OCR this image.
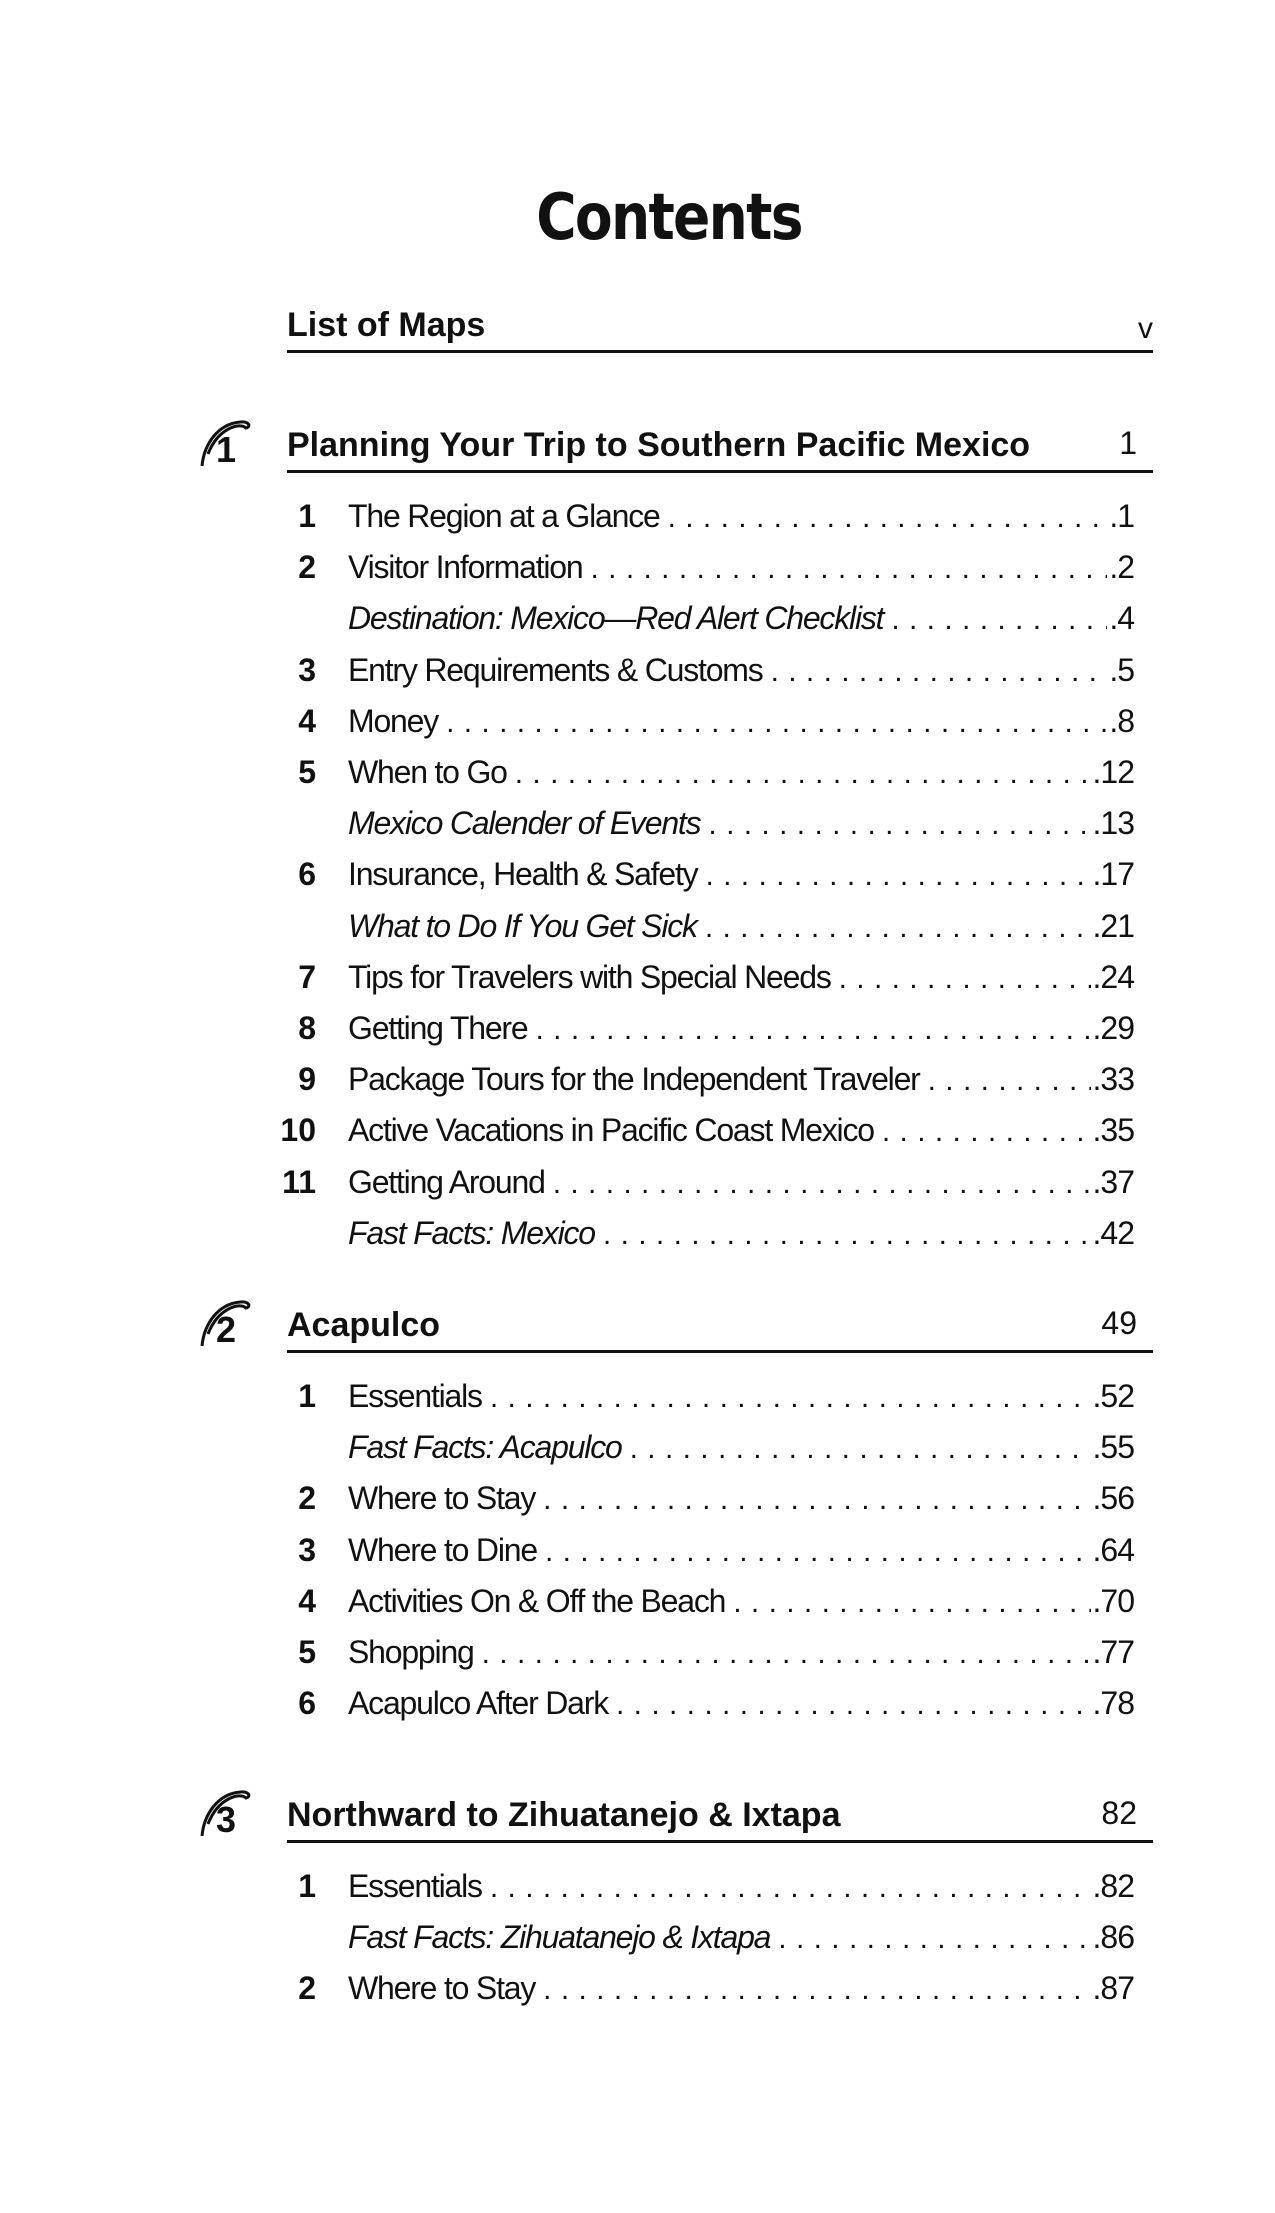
Contents
List of Maps	v
1 Planning Your Trip to Southern Pacific Mexico	1
1 The Region at a Glance . . .	.1
2 Visitor Information . . .	.2
Destination: Mexico—Red Alert Checklist . . .	.4
3 Entry Requirements & Customs . . .	.5
4 Money . . .	.8
5 When to Go . . .	.12
Mexico Calender of Events . . .	.13
6 Insurance, Health & Safety . . .	.17
What to Do If You Get Sick . . .	.21
7 Tips for Travelers with Special Needs . . .	.24
8 Getting There . . .	.29
9 Package Tours for the Independent Traveler . . .	.33
10 Active Vacations in Pacific Coast Mexico . . .	.35
11 Getting Around . . .	.37
Fast Facts: Mexico . . .	.42
2 Acapulco	49
1 Essentials . . .	.52
Fast Facts: Acapulco . . .	.55
2 Where to Stay . . .	.56
3 Where to Dine . . .	.64
4 Activities On & Off the Beach . . .	.70
5 Shopping . . .	.77
6 Acapulco After Dark . . .	.78
3 Northward to Zihuatanejo & Ixtapa	82
1 Essentials . . .	.82
Fast Facts: Zihuatanejo & Ixtapa . . .	.86
2 Where to Stay . . .	.87
